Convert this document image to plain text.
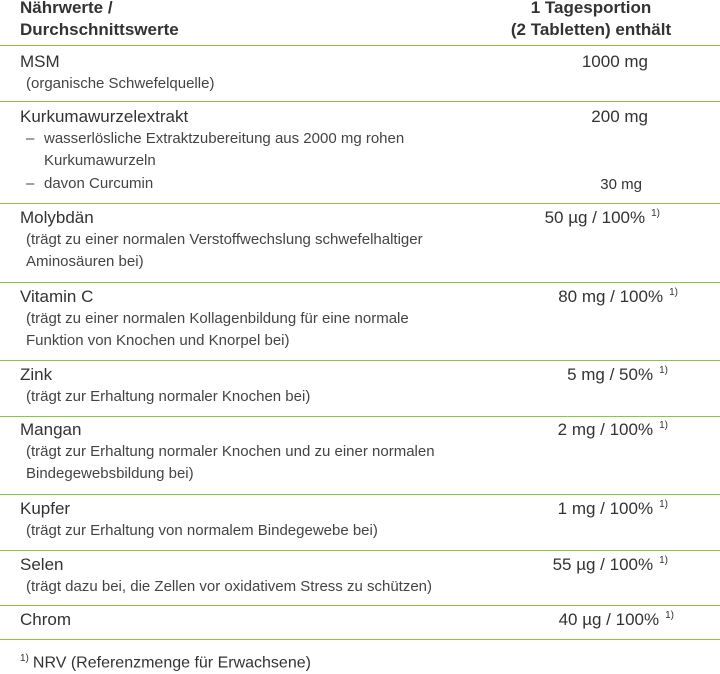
Nährwerte /
Durchschnittswerte
1 Tagesportion
(2 Tabletten) enthält
MSM
(organische Schwefelquelle)
1000 mg
Kurkumawurzelextrakt
– wasserlösliche Extraktzubereitung aus 2000 mg rohen
Kurkumawurzeln
– davon Curcumin
200 mg
30 mg
Molybdän
(trägt zu einer normalen Verstoffwechslung schwefelhaltiger
Aminosäuren bei)
50 µg / 100% $^{1)}$
Vitamin C
(trägt zu einer normalen Kollagenbildung für eine normale
Funktion von Knochen und Knorpel bei)
80 mg / 100% $^{1)}$
Zink
(trägt zur Erhaltung normaler Knochen bei)
5 mg / 50% $^{1)}$
Mangan
(trägt zur Erhaltung normaler Knochen und zu einer normalen
Bindegewebsbildung bei)
2 mg / 100% $^{1)}$
Kupfer
(trägt zur Erhaltung von normalem Bindegewebe bei)
1 mg / 100% $^{1)}$
Selen
(trägt dazu bei, die Zellen vor oxidativem Stress zu schützen)
55 µg / 100% $^{1)}$
Chrom	40 µg / 100% $^{1)}$
$^{1)}$ NRV (Referenzmenge für Erwachsene)
